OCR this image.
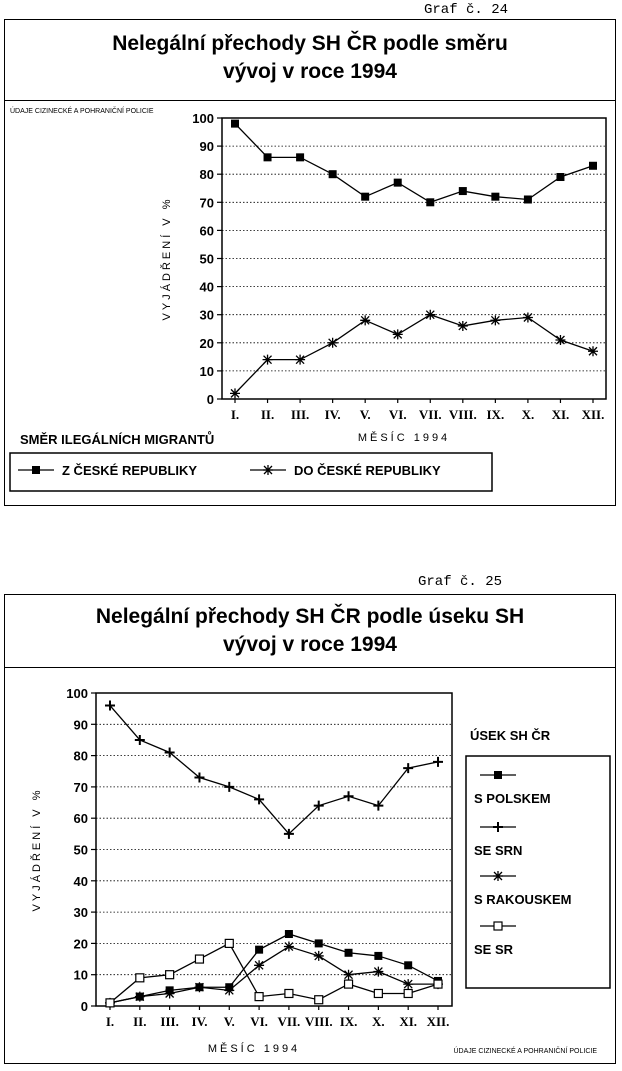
Graf č. 24
Nelegální přechody SH ČR podle směru
vývoj v roce 1994
Graf č. 25
Nelegální přechody SH ČR podle úseku SH
vývoj v roce 1994
0
10
20
30
40
50
60
70
80
90
100
I. II. III. IV. V. VI. VII. VIII. IX. X. XI. XII.
MĚSÍC 1994
VYJÁDŘENÍ V %
ÚDAJE CIZINECKÉ A POHRANIČNÍ POLICIE
SMĚR ILEGÁLNÍCH MIGRANTŮ
Z ČESKÉ REPUBLIKY	DO ČESKÉ REPUBLIKY
0
10
20
30
40
50
60
70
80
90
100
I. II. III. IV. V. VI. VII. VIII. IX. X. XI. XII.
MĚSÍC 1994
VYJÁDŘENÍ V %
ÚDAJE CIZINECKÉ A POHRANIČNÍ POLICIE
ÚSEK SH ČR
S POLSKEM
SE SRN
S RAKOUSKEM
SE SR
